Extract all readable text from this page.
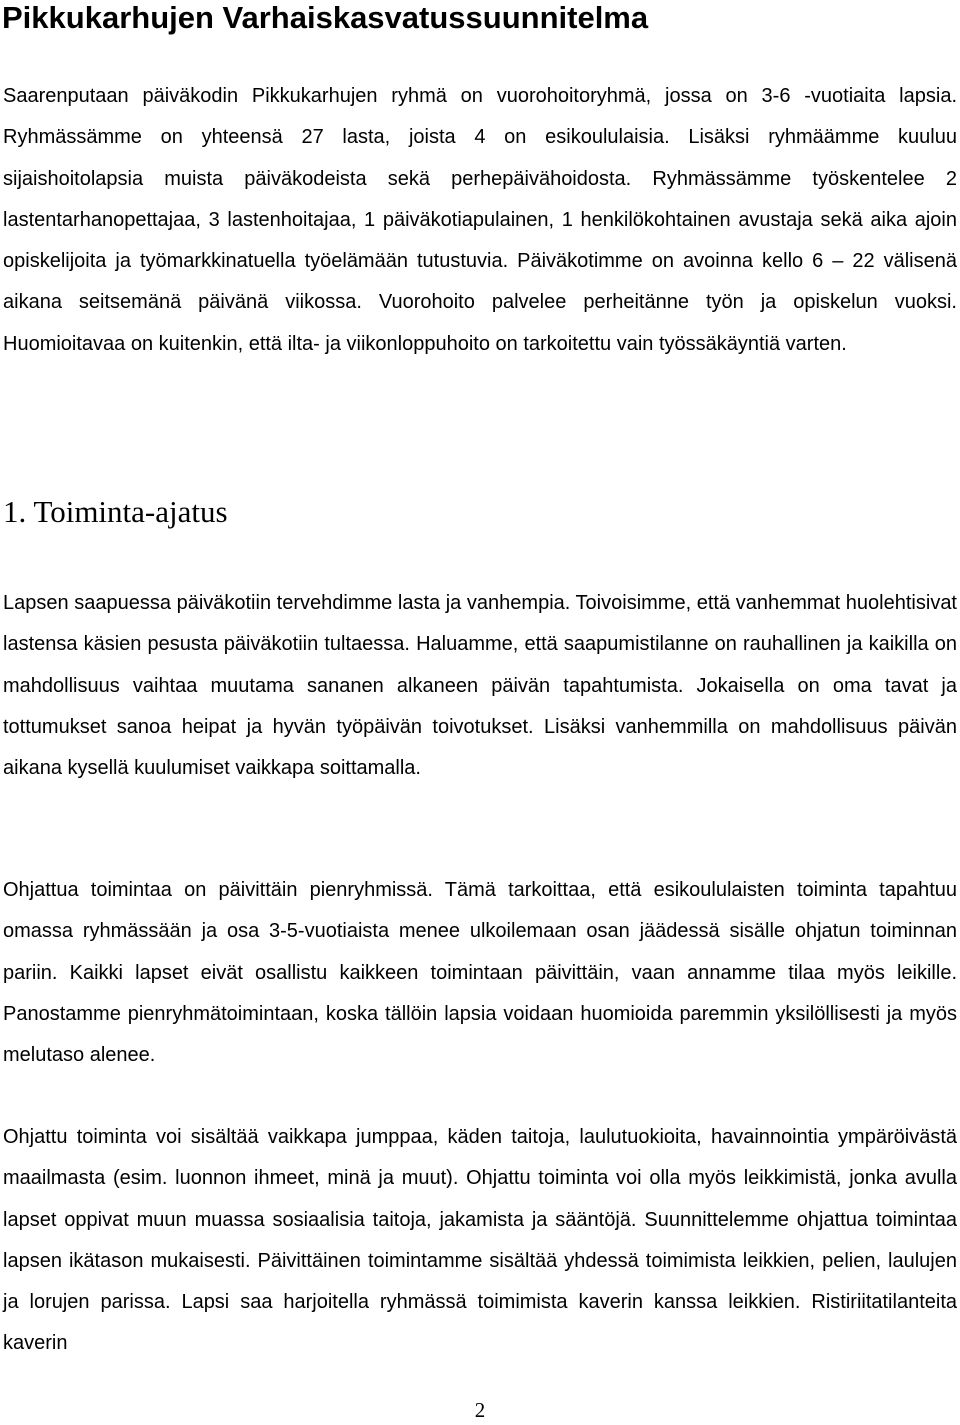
Pikkukarhujen Varhaiskasvatussuunnitelma

Saarenputaan päiväkodin Pikkukarhujen ryhmä on vuorohoitoryhmä, jossa on 3-6 -vuotiaita lapsia. Ryhmässämme on yhteensä 27 lasta, joista 4 on esikoululaisia. Lisäksi ryhmäämme kuuluu sijaishoitolapsia muista päiväkodeista sekä perhepäivähoidosta. Ryhmässämme työskentelee 2 lastentarhanopettajaa, 3 lastenhoitajaa, 1 päiväkotiapulainen, 1 henkilökohtainen avustaja sekä aika ajoin opiskelijoita ja työmarkkinatuella työelämään tutustuvia. Päiväkotimme on avoinna kello 6 – 22 välisenä aikana seitsemänä päivänä viikossa. Vuorohoito palvelee perheitänne työn ja opiskelun vuoksi. Huomioitavaa on kuitenkin, että ilta- ja viikonloppuhoito on tarkoitettu vain työssäkäyntiä varten.

1. Toiminta-ajatus

Lapsen saapuessa päiväkotiin tervehdimme lasta ja vanhempia. Toivoisimme, että vanhemmat huolehtisivat lastensa käsien pesusta päiväkotiin tultaessa. Haluamme, että saapumistilanne on rauhallinen ja kaikilla on mahdollisuus vaihtaa muutama sananen alkaneen päivän tapahtumista. Jokaisella on oma tavat ja tottumukset sanoa heipat ja hyvän työpäivän toivotukset. Lisäksi vanhemmilla on mahdollisuus päivän aikana kysellä kuulumiset vaikkapa soittamalla.

Ohjattua toimintaa on päivittäin pienryhmissä. Tämä tarkoittaa, että esikoululaisten toiminta tapahtuu omassa ryhmässään ja osa 3-5-vuotiaista menee ulkoilemaan osan jäädessä sisälle ohjatun toiminnan pariin. Kaikki lapset eivät osallistu kaikkeen toimintaan päivittäin, vaan annamme tilaa myös leikille. Panostamme pienryhmätoimintaan, koska tällöin lapsia voidaan huomioida paremmin yksilöllisesti ja myös melutaso alenee.

Ohjattu toiminta voi sisältää vaikkapa jumppaa, käden taitoja, laulutuokioita, havainnointia ympäröivästä maailmasta (esim. luonnon ihmeet, minä ja muut). Ohjattu toiminta voi olla myös leikkimistä, jonka avulla lapset oppivat muun muassa sosiaalisia taitoja, jakamista ja sääntöjä. Suunnittelemme ohjattua toimintaa lapsen ikätason mukaisesti. Päivittäinen toimintamme sisältää yhdessä toimimista leikkien, pelien, laulujen ja lorujen parissa. Lapsi saa harjoitella ryhmässä toimimista kaverin kanssa leikkien. Ristiriitatilanteita kaverin

2
